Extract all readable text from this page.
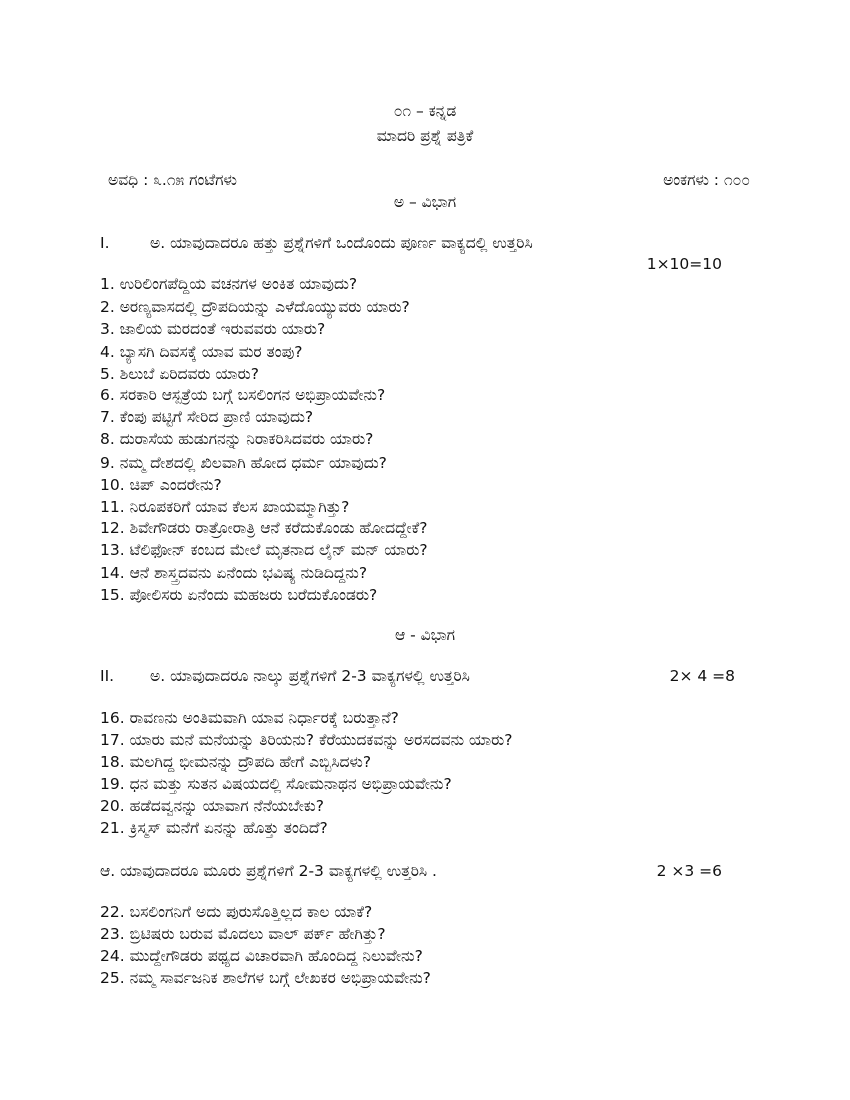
೦೧ – ಕನ್ನಡ
ಮಾದರಿ ಪ್ರಶ್ನೆ ಪತ್ರಿಕೆ
ಅವಧಿ : ೩.೧೫ ಗಂಟೆಗಳು	ಅಂಕಗಳು : ೧೦೦
ಅ – ವಿಭಾಗ
I.	ಅ. ಯಾವುದಾದರೂ ಹತ್ತು ಪ್ರಶ್ನೆಗಳಿಗೆ ಒಂದೊಂದು ಪೂರ್ಣ ವಾಕ್ಯದಲ್ಲಿ ಉತ್ತರಿಸಿ
1×10=10
1. ಉರಿಲಿಂಗಪೆದ್ದಿಯ ವಚನಗಳ ಅಂಕಿತ ಯಾವುದು?
2. ಅರಣ್ಯವಾಸದಲ್ಲಿ ದ್ರೌಪದಿಯನ್ನು ಎಳೆದೊಯ್ಯುವರು ಯಾರು?
3. ಜಾಲಿಯ ಮರದಂತೆ ಇರುವವರು ಯಾರು?
4. ಬ್ಯಾಸಗಿ ದಿವಸಕ್ಕೆ ಯಾವ ಮರ ತಂಪು?
5. ಶಿಲುಬೆ ಏರಿದವರು ಯಾರು?
6. ಸರಕಾರಿ ಆಸ್ಪತ್ರೆಯ ಬಗ್ಗೆ ಬಸಲಿಂಗನ ಅಭಿಪ್ರಾಯವೇನು?
7. ಕೆಂಪು ಪಟ್ಟಿಗೆ ಸೇರಿದ ಪ್ರಾಣಿ ಯಾವುದು?
8. ದುರಾಸೆಯ ಹುಡುಗನನ್ನು ನಿರಾಕರಿಸಿದವರು ಯಾರು?
9. ನಮ್ಮ ದೇಶದಲ್ಲಿ ಖಿಲವಾಗಿ ಹೋದ ಧರ್ಮ ಯಾವುದು?
10. ಚಿಪ್ ಎಂದರೇನು?
11. ನಿರೂಪಕರಿಗೆ ಯಾವ ಕೆಲಸ ಖಾಯಮ್ಮಾಗಿತ್ತು?
12. ಶಿವೇಗೌಡರು ರಾತ್ರೋರಾತ್ರಿ ಆನೆ ಕರೆದುಕೊಂಡು ಹೋದದ್ದೇಕೆ?
13. ಟೆಲಿಫೋನ್ ಕಂಬದ ಮೇಲೆ ಮೃತನಾದ ಲೈನ್ ಮನ್ ಯಾರು?
14. ಆನೆ ಶಾಸ್ತ್ರದವನು ಏನೆಂದು ಭವಿಷ್ಯ ನುಡಿದಿದ್ದನು?
15. ಪೋಲಿಸರು ಏನೆಂದು ಮಹಜರು ಬರೆದುಕೊಂಡರು?
ಆ - ವಿಭಾಗ
II. ಅ. ಯಾವುದಾದರೂ ನಾಲ್ಕು ಪ್ರಶ್ನೆಗಳಿಗೆ 2-3 ವಾಕ್ಯಗಳಲ್ಲಿ ಉತ್ತರಿಸಿ	2× 4 =8
16. ರಾವಣನು ಅಂತಿಮವಾಗಿ ಯಾವ ನಿರ್ಧಾರಕ್ಕೆ ಬರುತ್ತಾನೆ?
17. ಯಾರು ಮನೆ ಮನೆಯನ್ನು ತಿರಿಯನು? ಕೆರೆಯುದಕವನ್ನು ಅರಸದವನು ಯಾರು?
18. ಮಲಗಿದ್ದ ಭೀಮನನ್ನು ದ್ರೌಪದಿ ಹೇಗೆ ಎಬ್ಬಿಸಿದಳು?
19. ಧನ ಮತ್ತು ಸುತನ ವಿಷಯದಲ್ಲಿ ಸೋಮನಾಥನ ಅಭಿಪ್ರಾಯವೇನು?
20. ಹಡೆದವ್ವನನ್ನು ಯಾವಾಗ ನೆನೆಯಬೇಕು?
21. ಕ್ರಿಸ್ಮಸ್ ಮನೆಗೆ ಏನನ್ನು ಹೊತ್ತು ತಂದಿದೆ?
ಆ. ಯಾವುದಾದರೂ ಮೂರು ಪ್ರಶ್ನೆಗಳಿಗೆ 2-3 ವಾಕ್ಯಗಳಲ್ಲಿ ಉತ್ತರಿಸಿ .	2 ×3 =6
22. ಬಸಲಿಂಗನಿಗೆ ಅದು ಪುರುಸೊತ್ತಿಲ್ಲದ ಕಾಲ ಯಾಕೆ?
23. ಬ್ರಿಟಿಷರು ಬರುವ ಮೊದಲು ವಾಲ್ ಪರ್ಕ್ ಹೇಗಿತ್ತು?
24. ಮುದ್ದೇಗೌಡರು ಪಥ್ಯದ ವಿಚಾರವಾಗಿ ಹೊಂದಿದ್ದ ನಿಲುವೇನು?
25. ನಮ್ಮ ಸಾರ್ವಜನಿಕ ಶಾಲೆಗಳ ಬಗ್ಗೆ ಲೇಖಕರ ಅಭಿಪ್ರಾಯವೇನು?
